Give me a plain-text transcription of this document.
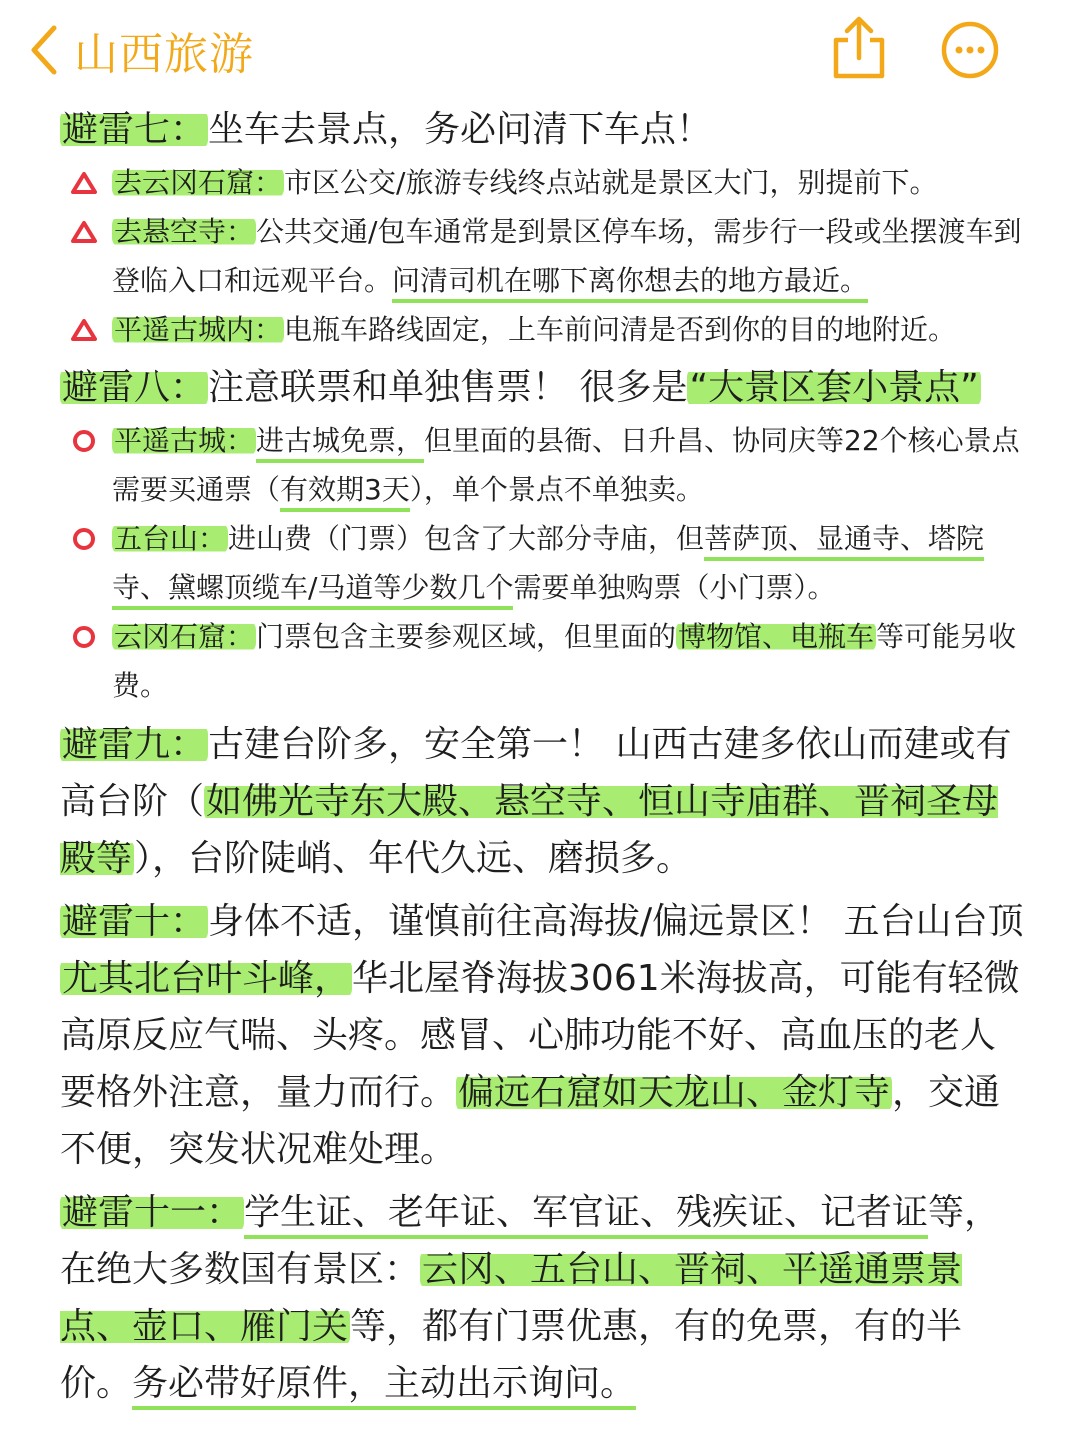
山西旅游
避雷七：坐车去景点，务必问清下车点！
去云冈石窟：市区公交/旅游专线终点站就是景区大门，别提前下。
去悬空寺：公共交通/包车通常是到景区停车场，需步行一段或坐摆渡车到登临入口和远观平台。问清司机在哪下离你想去的地方最近。
平遥古城内：电瓶车路线固定，上车前问清是否到你的目的地附近。
避雷八：注意联票和单独售票！ 很多是“大景区套小景点”
平遥古城：进古城免票，但里面的县衙、日升昌、协同庆等22个核心景点需要买通票（有效期3天），单个景点不单独卖。
五台山：进山费（门票）包含了大部分寺庙，但菩萨顶、显通寺、塔院寺、黛螺顶缆车/马道等少数几个需要单独购票（小门票）。
云冈石窟：门票包含主要参观区域，但里面的博物馆、电瓶车等可能另收费。
避雷九：古建台阶多，安全第一！ 山西古建多依山而建或有高台阶（如佛光寺东大殿、悬空寺、恒山寺庙群、晋祠圣母殿等），台阶陡峭、年代久远、磨损多。
避雷十：身体不适，谨慎前往高海拔/偏远景区！ 五台山台顶尤其北台叶斗峰，华北屋脊海拔3061米海拔高，可能有轻微高原反应气喘、头疼。感冒、心肺功能不好、高血压的老人要格外注意，量力而行。偏远石窟如天龙山、金灯寺，交通不便，突发状况难处理。
避雷十一：学生证、老年证、军官证、残疾证、记者证等，在绝大多数国有景区：云冈、五台山、晋祠、平遥通票景点、壶口、雁门关等，都有门票优惠，有的免票，有的半价。务必带好原件，主动出示询问。
